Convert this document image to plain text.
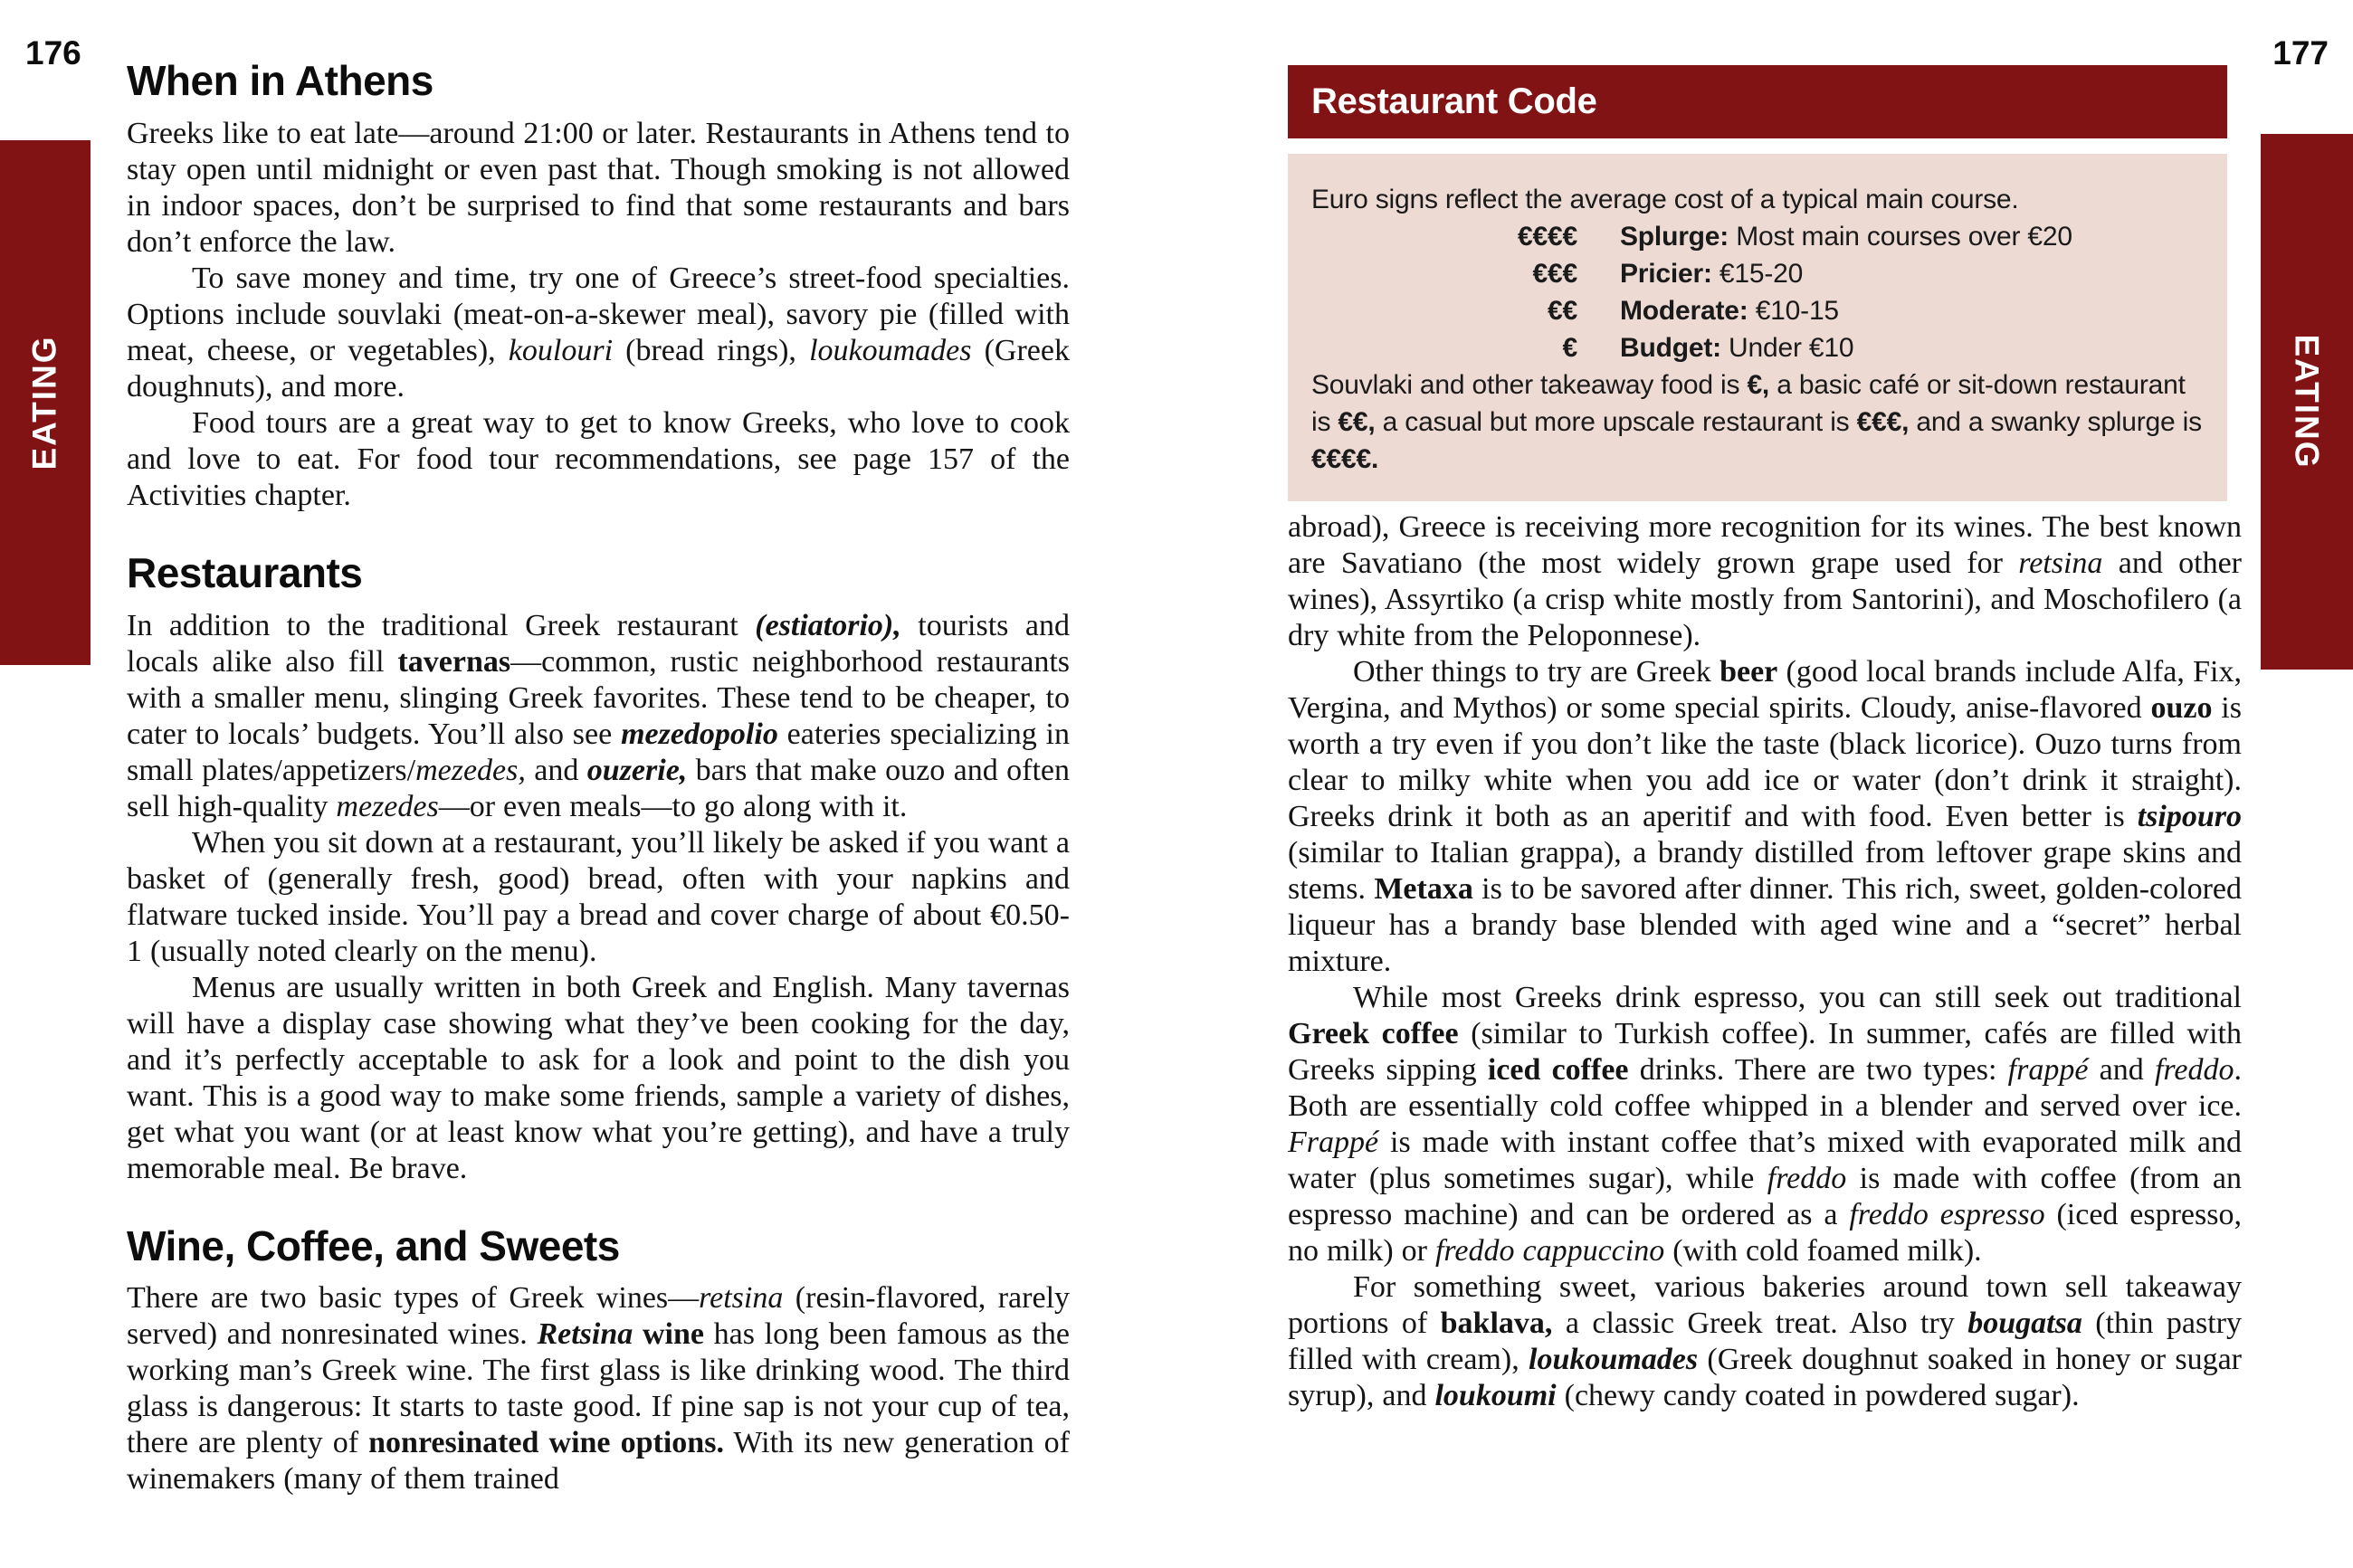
176
EATING
When in Athens

Greeks like to eat late—around 21:00 or later. Restaurants in Athens tend to stay open until midnight or even past that. Though smoking is not allowed in indoor spaces, don’t be surprised to find that some restaurants and bars don’t enforce the law.

To save money and time, try one of Greece’s street-food specialties. Options include souvlaki (meat-on-a-skewer meal), savory pie (filled with meat, cheese, or vegetables), koulouri (bread rings), loukoumades (Greek doughnuts), and more.

Food tours are a great way to get to know Greeks, who love to cook and love to eat. For food tour recommendations, see page 157 of the Activities chapter.

Restaurants

In addition to the traditional Greek restaurant (estiatorio), tourists and locals alike also fill tavernas—common, rustic neighborhood restaurants with a smaller menu, slinging Greek favorites. These tend to be cheaper, to cater to locals’ budgets. You’ll also see mezedopolio eateries specializing in small plates/appetizers/mezedes, and ouzerie, bars that make ouzo and often sell high-quality mezedes—or even meals—to go along with it.

When you sit down at a restaurant, you’ll likely be asked if you want a basket of (generally fresh, good) bread, often with your napkins and flatware tucked inside. You’ll pay a bread and cover charge of about €0.50-1 (usually noted clearly on the menu).

Menus are usually written in both Greek and English. Many tavernas will have a display case showing what they’ve been cooking for the day, and it’s perfectly acceptable to ask for a look and point to the dish you want. This is a good way to make some friends, sample a variety of dishes, get what you want (or at least know what you’re getting), and have a truly memorable meal. Be brave.

Wine, Coffee, and Sweets

There are two basic types of Greek wines—retsina (resin-flavored, rarely served) and nonresinated wines. Retsina wine has long been famous as the working man’s Greek wine. The first glass is like drinking wood. The third glass is dangerous: It starts to taste good. If pine sap is not your cup of tea, there are plenty of nonresinated wine options. With its new generation of winemakers (many of them trained

177
EATING
Restaurant Code
Euro signs reflect the average cost of a typical main course.
€€€€ Splurge: Most main courses over €20
€€€ Pricier: €15-20
€€ Moderate: €10-15
€ Budget: Under €10
Souvlaki and other takeaway food is €, a basic café or sit-down restaurant is €€, a casual but more upscale restaurant is €€€, and a swanky splurge is €€€€.

abroad), Greece is receiving more recognition for its wines. The best known are Savatiano (the most widely grown grape used for retsina and other wines), Assyrtiko (a crisp white mostly from Santorini), and Moschofilero (a dry white from the Peloponnese).

Other things to try are Greek beer (good local brands include Alfa, Fix, Vergina, and Mythos) or some special spirits. Cloudy, anise-flavored ouzo is worth a try even if you don’t like the taste (black licorice). Ouzo turns from clear to milky white when you add ice or water (don’t drink it straight). Greeks drink it both as an aperitif and with food. Even better is tsipouro (similar to Italian grappa), a brandy distilled from leftover grape skins and stems. Metaxa is to be savored after dinner. This rich, sweet, golden-colored liqueur has a brandy base blended with aged wine and a “secret” herbal mixture.

While most Greeks drink espresso, you can still seek out traditional Greek coffee (similar to Turkish coffee). In summer, cafés are filled with Greeks sipping iced coffee drinks. There are two types: frappé and freddo. Both are essentially cold coffee whipped in a blender and served over ice. Frappé is made with instant coffee that’s mixed with evaporated milk and water (plus sometimes sugar), while freddo is made with coffee (from an espresso machine) and can be ordered as a freddo espresso (iced espresso, no milk) or freddo cappuccino (with cold foamed milk).

For something sweet, various bakeries around town sell takeaway portions of baklava, a classic Greek treat. Also try bougatsa (thin pastry filled with cream), loukoumades (Greek doughnut soaked in honey or sugar syrup), and loukoumi (chewy candy coated in powdered sugar).
